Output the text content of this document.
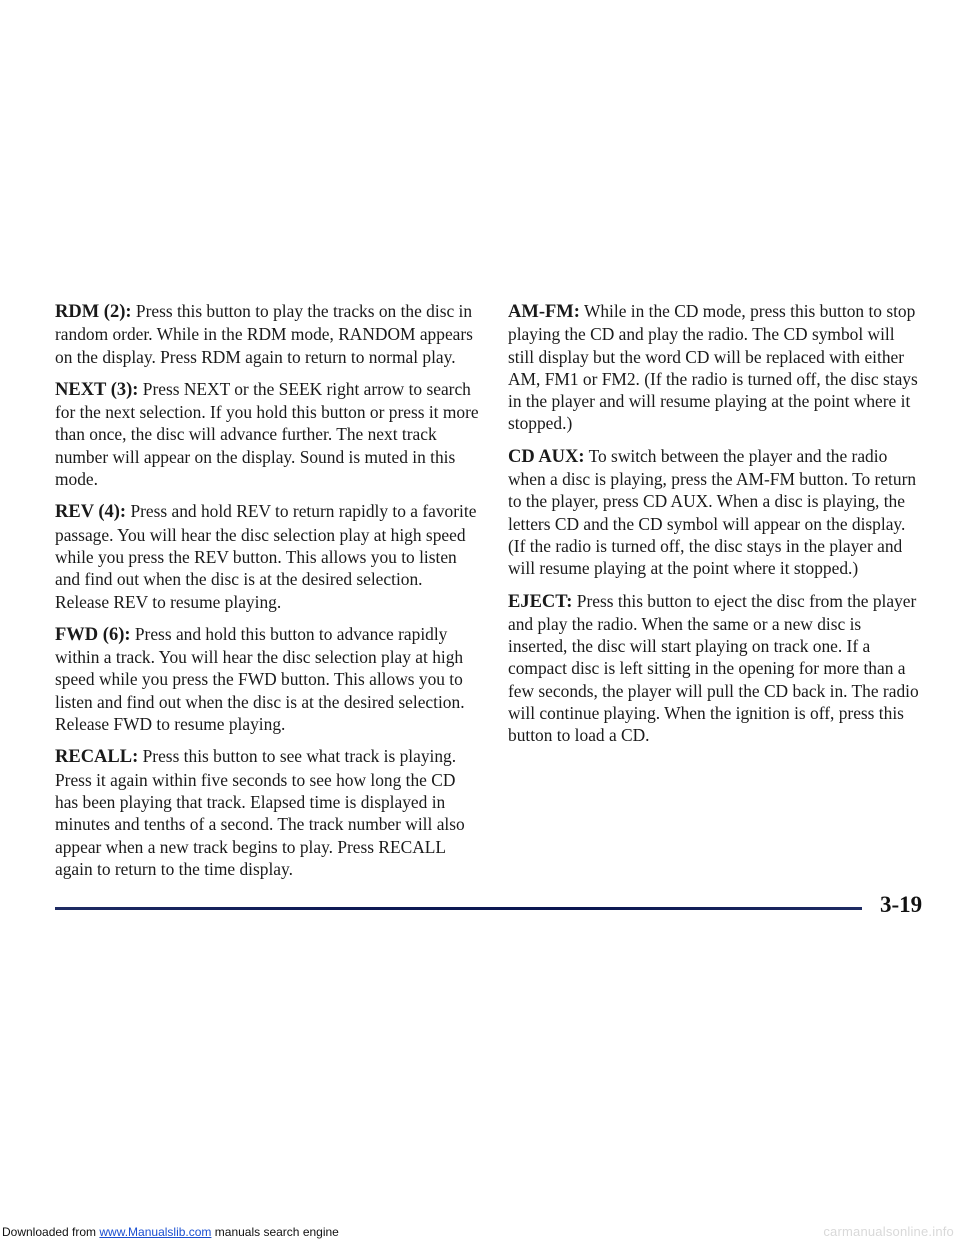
RDM (2): Press this button to play the tracks on the disc in random order. While in the RDM mode, RANDOM appears on the display. Press RDM again to return to normal play.

NEXT (3): Press NEXT or the SEEK right arrow to search for the next selection. If you hold this button or press it more than once, the disc will advance further. The next track number will appear on the display. Sound is muted in this mode.

REV (4): Press and hold REV to return rapidly to a favorite passage. You will hear the disc selection play at high speed while you press the REV button. This allows you to listen and find out when the disc is at the desired selection. Release REV to resume playing.

FWD (6): Press and hold this button to advance rapidly within a track. You will hear the disc selection play at high speed while you press the FWD button. This allows you to listen and find out when the disc is at the desired selection. Release FWD to resume playing.

RECALL: Press this button to see what track is playing. Press it again within five seconds to see how long the CD has been playing that track. Elapsed time is displayed in minutes and tenths of a second. The track number will also appear when a new track begins to play. Press RECALL again to return to the time display.

AM-FM: While in the CD mode, press this button to stop playing the CD and play the radio. The CD symbol will still display but the word CD will be replaced with either AM, FM1 or FM2. (If the radio is turned off, the disc stays in the player and will resume playing at the point where it stopped.)

CD AUX: To switch between the player and the radio when a disc is playing, press the AM-FM button. To return to the player, press CD AUX. When a disc is playing, the letters CD and the CD symbol will appear on the display. (If the radio is turned off, the disc stays in the player and will resume playing at the point where it stopped.)

EJECT: Press this button to eject the disc from the player and play the radio. When the same or a new disc is inserted, the disc will start playing on track one. If a compact disc is left sitting in the opening for more than a few seconds, the player will pull the CD back in. The radio will continue playing. When the ignition is off, press this button to load a CD.

3-19
Downloaded from www.Manualslib.com manuals search engine	carmanualsonline.info
